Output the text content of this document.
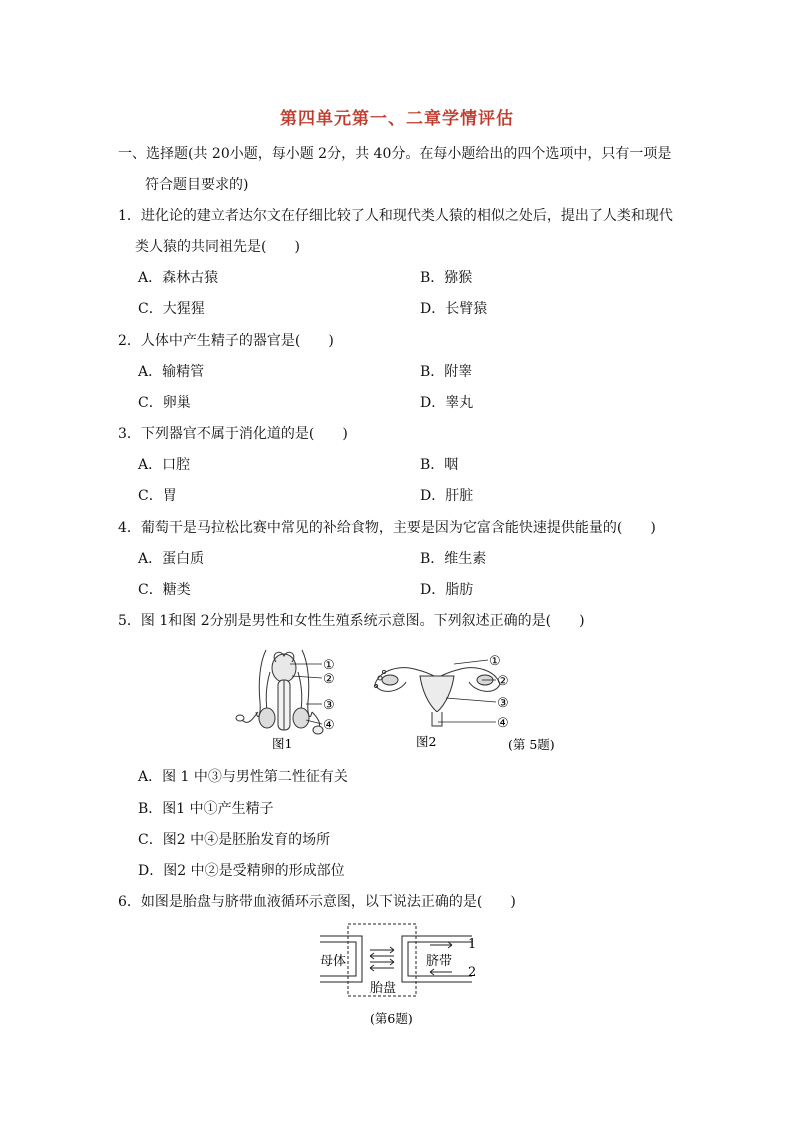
第四单元第一、二章学情评估
一、选择题(共 20小题，每小题 2分，共 40分。在每小题给出的四个选项中，只有一项是
符合题目要求的)
1．进化论的建立者达尔文在仔细比较了人和现代类人猿的相似之处后，提出了人类和现代
类人猿的共同祖先是(　　)
A．森林古猿	B．猕猴
C．大猩猩	D．长臂猿
2．人体中产生精子的器官是(　　)
A．输精管	B．附睾
C．卵巢	D．睾丸
3．下列器官不属于消化道的是(　　)
A．口腔	B．咽
C．胃	D．肝脏
4．葡萄干是马拉松比赛中常见的补给食物，主要是因为它富含能快速提供能量的(　　)
A．蛋白质	B．维生素
C．糖类	D．脂肪
5．图 1和图 2分别是男性和女性生殖系统示意图。下列叙述正确的是(　　)
①
②
③
④
①
②
③
④
图1	图2	(第 5题)
A．图 1 中③与男性第二性征有关
B．图1 中①产生精子
C．图2 中④是胚胎发育的场所
D．图2 中②是受精卵的形成部位
6．如图是胎盘与脐带血液循环示意图，以下说法正确的是(　　)
母体	脐带
胎盘
1
2
(第6题)
